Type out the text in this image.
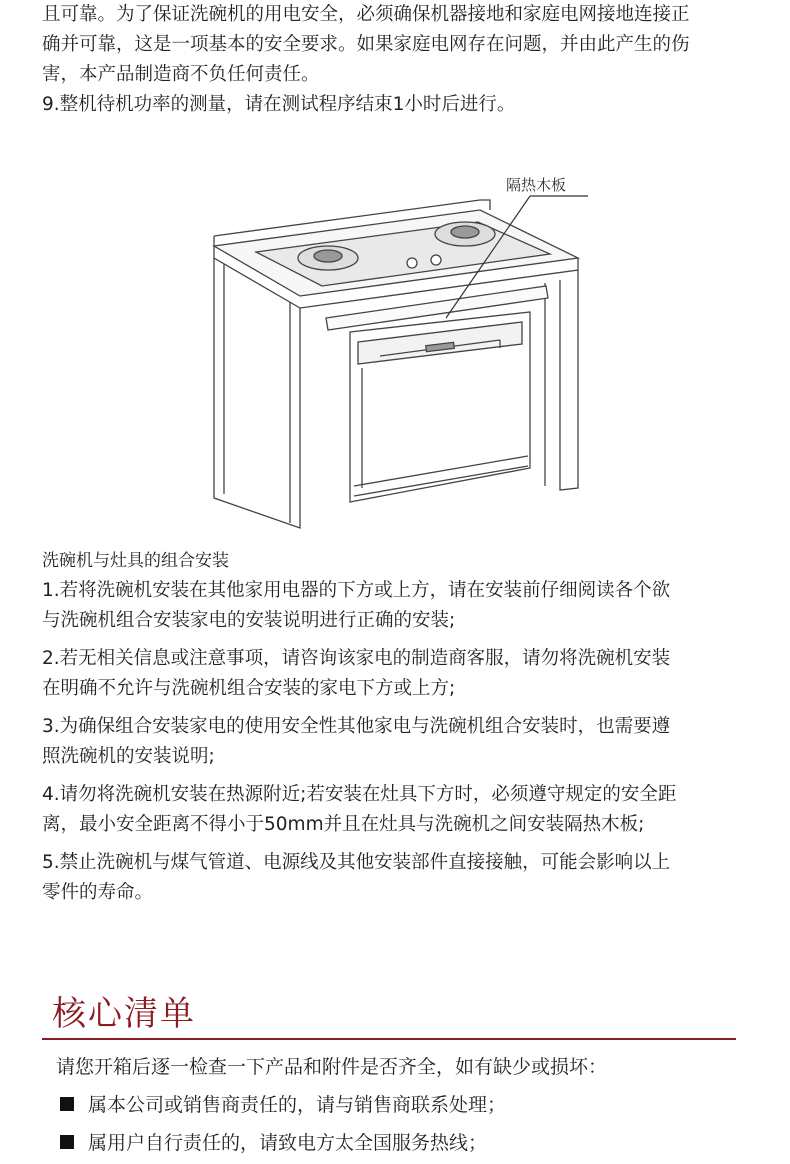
且可靠。为了保证洗碗机的用电安全，必须确保机器接地和家庭电网接地连接正
确并可靠，这是一项基本的安全要求。如果家庭电网存在问题，并由此产生的伤
害，本产品制造商不负任何责任。
9.整机待机功率的测量，请在测试程序结束1小时后进行。
隔热木板
洗碗机与灶具的组合安装
1.若将洗碗机安装在其他家用电器的下方或上方，请在安装前仔细阅读各个欲
与洗碗机组合安装家电的安装说明进行正确的安装;
2.若无相关信息或注意事项，请咨询该家电的制造商客服，请勿将洗碗机安装
在明确不允许与洗碗机组合安装的家电下方或上方;
3.为确保组合安装家电的使用安全性其他家电与洗碗机组合安装时，也需要遵
照洗碗机的安装说明;
4.请勿将洗碗机安装在热源附近;若安装在灶具下方时，必须遵守规定的安全距
离，最小安全距离不得小于50mm并且在灶具与洗碗机之间安装隔热木板;
5.禁止洗碗机与煤气管道、电源线及其他安装部件直接接触，可能会影响以上
零件的寿命。
核心清单
请您开箱后逐一检查一下产品和附件是否齐全，如有缺少或损坏：
属本公司或销售商责任的，请与销售商联系处理；
属用户自行责任的，请致电方太全国服务热线；
